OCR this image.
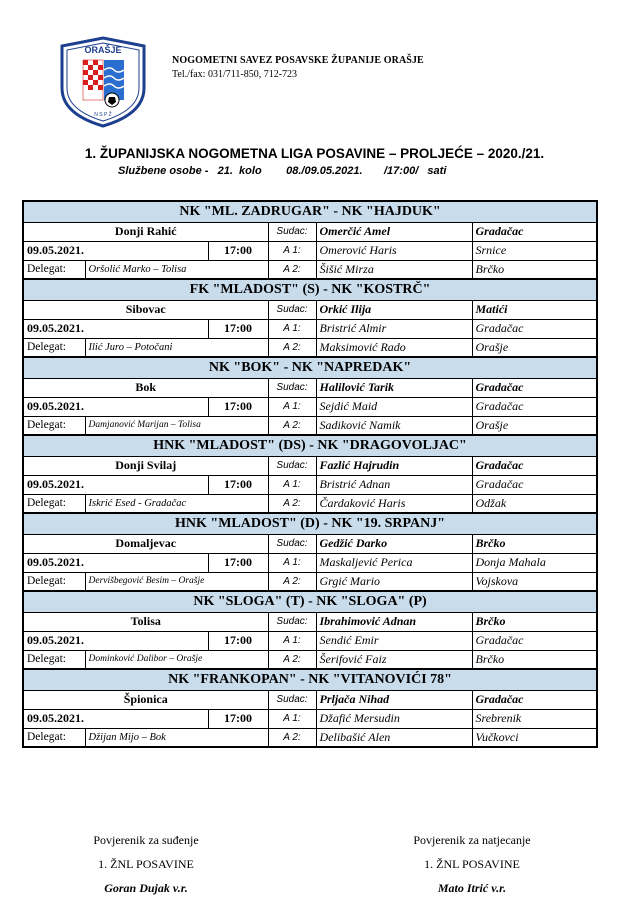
ORAŠJE
N S P Ž
NOGOMETNI SAVEZ POSAVSKE ŽUPANIJE ORAŠJE
Tel./fax: 031/711-850, 712-723
1. ŽUPANIJSKA NOGOMETNA LIGA POSAVINE – PROLJEĆE – 2020./21.
Službene osobe - 21.  kolo 08./09.05.2021. /17:00/   sati
NK "ML. ZADRUGAR" - NK "HAJDUK"					
Donji Rahić			Sudac:	Omerčić Amel	Gradačac
09.05.2021.		17:00	A 1:	Omerović Haris	Srnice
Delegat:	Oršolić Marko – Tolisa		A 2:	Šišić Mirza	Brčko
FK "MLADOST" (S) - NK "KOSTRČ"					
Sibovac			Sudac:	Orkić Ilija	Matići
09.05.2021.		17:00	A 1:	Bristrić Almir	Gradačac
Delegat:	Ilić Juro – Potočani		A 2:	Maksimović Rado	Orašje
NK "BOK" - NK "NAPREDAK"					
Bok			Sudac:	Halilović Tarik	Gradačac
09.05.2021.		17:00	A 1:	Sejdić Maid	Gradačac
Delegat:	Damjanović Marijan – Tolisa		A 2:	Sadiković Namik	Orašje
HNK "MLADOST" (DS) - NK "DRAGOVOLJAC"					
Donji Svilaj			Sudac:	Fazlić Hajrudin	Gradačac
09.05.2021.		17:00	A 1:	Bristrić Adnan	Gradačac
Delegat:	Iskrić Esed - Gradačac		A 2:	Čardaković Haris	Odžak
HNK "MLADOST" (D) - NK "19. SRPANJ"					
Domaljevac			Sudac:	Gedžić Darko	Brčko
09.05.2021.		17:00	A 1:	Maskaljević Perica	Donja Mahala
Delegat:	Dervišbegović Besim – Orašje		A 2:	Grgić Mario	Vojskova
NK "SLOGA" (T) - NK "SLOGA" (P)					
Tolisa			Sudac:	Ibrahimović Adnan	Brčko
09.05.2021.		17:00	A 1:	Sendić Emir	Gradačac
Delegat:	Dominković Dalibor – Orašje		A 2:	Šerifović Faiz	Brčko
NK "FRANKOPAN" - NK "VITANOVIĆI 78"					
Špionica			Sudac:	Prljača Nihad	Gradačac
09.05.2021.		17:00	A 1:	Džafić Mersudin	Srebrenik
Delegat:	Džijan Mijo – Bok		A 2:	Delibašić Alen	Vučkovci
Povjerenik za suđenje
1. ŽNL POSAVINE
Goran Dujak v.r.
Povjerenik za natjecanje
1. ŽNL POSAVINE
Mato Itrić v.r.
